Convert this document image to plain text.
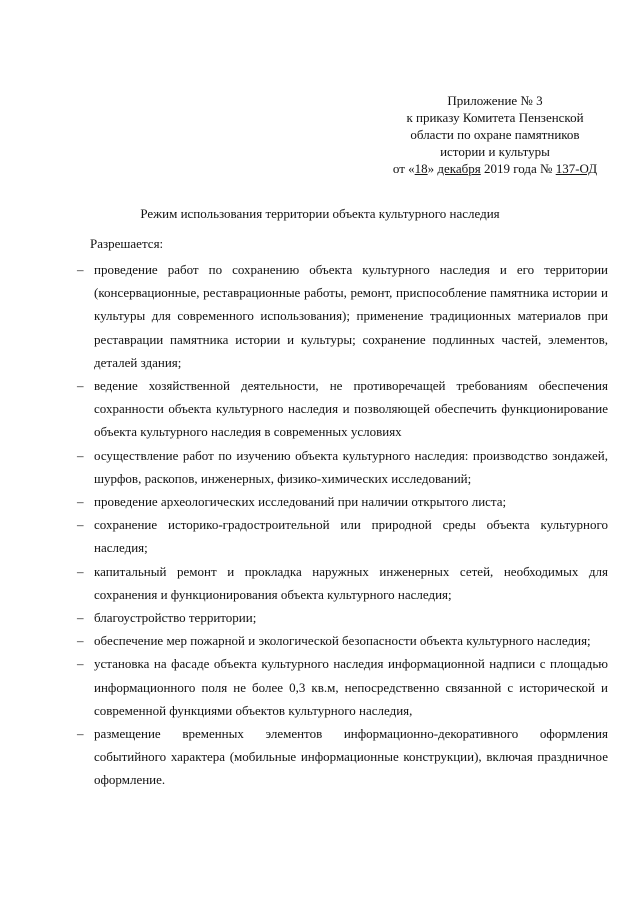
Приложение № 3
к приказу Комитета Пензенской
области по охране памятников
истории и культуры
от «18» декабря 2019 года № 137-ОД
Режим использования территории объекта культурного наследия
Разрешается:
– проведение работ по сохранению объекта культурного наследия и его территории (консервационные, реставрационные работы, ремонт, приспособление памятника истории и культуры для современного использования); применение традиционных материалов при реставрации памятника истории и культуры; сохранение подлинных частей, элементов, деталей здания;
– ведение хозяйственной деятельности, не противоречащей требованиям обеспечения сохранности объекта культурного наследия и позволяющей обеспечить функционирование объекта культурного наследия в современных условиях
– осуществление работ по изучению объекта культурного наследия: производство зондажей, шурфов, раскопов, инженерных, физико-химических исследований;
– проведение археологических исследований при наличии открытого листа;
– сохранение историко-градостроительной или природной среды объекта культурного наследия;
– капитальный ремонт и прокладка наружных инженерных сетей, необходимых для сохранения и функционирования объекта культурного наследия;
– благоустройство территории;
– обеспечение мер пожарной и экологической безопасности объекта культурного наследия;
– установка на фасаде объекта культурного наследия информационной надписи с площадью информационного поля не более 0,3 кв.м, непосредственно связанной с исторической и современной функциями объектов культурного наследия,
– размещение временных элементов информационно-декоративного оформления событийного характера (мобильные информационные конструкции), включая праздничное оформление.
